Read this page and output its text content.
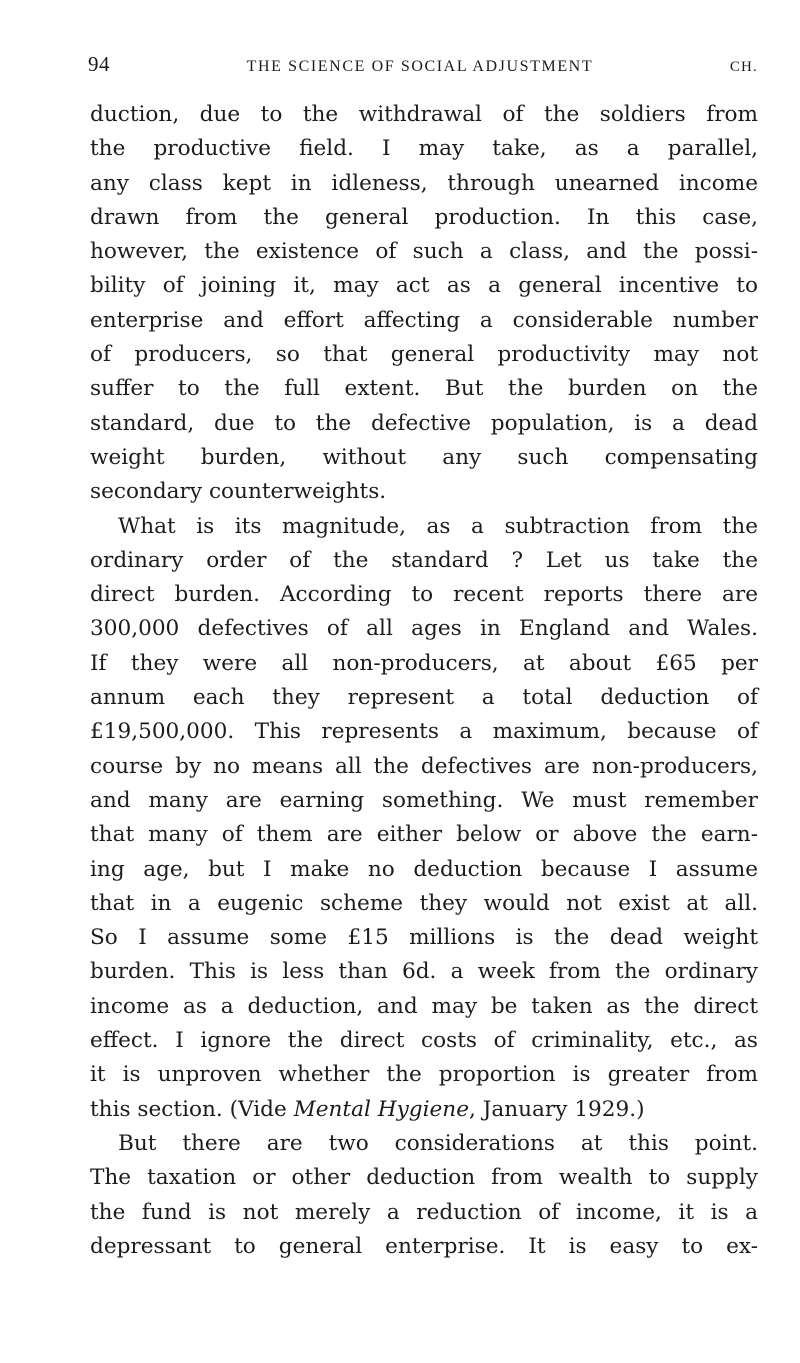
94	THE SCIENCE OF SOCIAL ADJUSTMENT	CH.
duction, due to the withdrawal of the soldiers from
the productive field. I may take, as a parallel,
any class kept in idleness, through unearned income
drawn from the general production. In this case,
however, the existence of such a class, and the possi-
bility of joining it, may act as a general incentive to
enterprise and effort affecting a considerable number
of producers, so that general productivity may not
suffer to the full extent. But the burden on the
standard, due to the defective population, is a dead
weight burden, without any such compensating
secondary counterweights.
What is its magnitude, as a subtraction from the
ordinary order of the standard ? Let us take the
direct burden. According to recent reports there are
300,000 defectives of all ages in England and Wales.
If they were all non-producers, at about £65 per
annum each they represent a total deduction of
£19,500,000. This represents a maximum, because of
course by no means all the defectives are non-producers,
and many are earning something. We must remember
that many of them are either below or above the earn-
ing age, but I make no deduction because I assume
that in a eugenic scheme they would not exist at all.
So I assume some £15 millions is the dead weight
burden. This is less than 6d. a week from the ordinary
income as a deduction, and may be taken as the direct
effect. I ignore the direct costs of criminality, etc., as
it is unproven whether the proportion is greater from
this section. (Vide Mental Hygiene, January 1929.)
But there are two considerations at this point.
The taxation or other deduction from wealth to supply
the fund is not merely a reduction of income, it is a
depressant to general enterprise. It is easy to ex-
